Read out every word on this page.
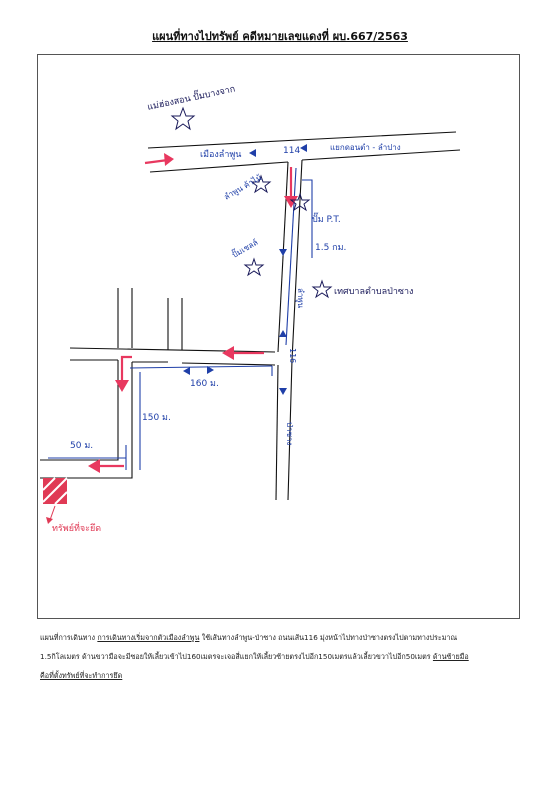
แผนที่ทางไปทรัพย์ คดีหมายเลขแดงที่ ผบ.667/2563
แม่ฮ่องสอน ปั๊มบางจาก
เมืองลำพูน	114	แยกดอนตำ - ลำปาง
ลำพูน ค้าไม้
ปั๊ม P.T.
1.5 กม.
ปั๊มเชลล์
เทศบาลตำบลป่าซาง
ลำพูน
116
160 ม.
ป่าซาง
150 ม.
50 ม.
ทรัพย์ที่จะยึด
แผนที่การเดินทาง การเดินทางเริ่มจากตัวเมืองลำพูน ใช้เส้นทางลำพูน-ป่าซาง ถนนเส้น116 มุ่งหน้าไปทางป่าซางตรงไปตามทางประมาณ
1.5กิโลเมตร ด้านขวามือจะมีซอยให้เลี้ยวเข้าไป160เมตรจะเจอสี่แยกให้เลี้ยวซ้ายตรงไปอีก150เมตรแล้วเลี้ยวขวาไปอีก50เมตร ด้านซ้ายมือ
คือที่ตั้งทรัพย์ที่จะทำการยึด
